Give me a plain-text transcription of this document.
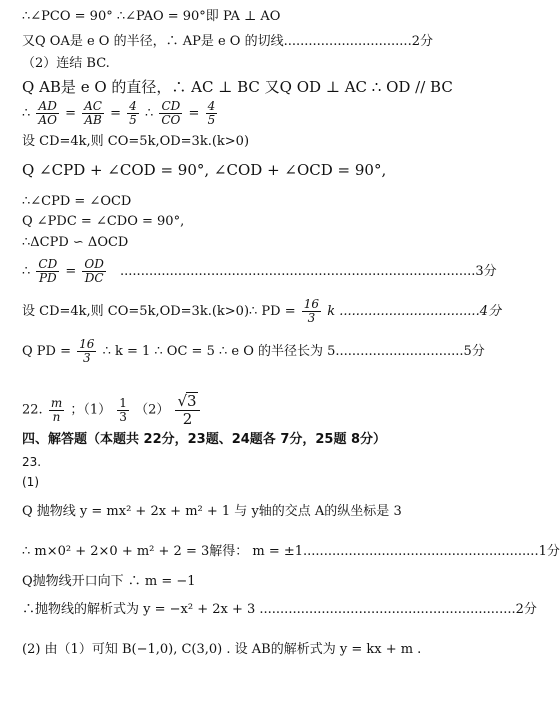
∴∠PCO = 90° ∴∠PAO = 90°即 PA ⊥ AO
又Q OA是 e O 的半径，∴ AP是 e O 的切线...............................2分
（2）连结 BC.
Q AB是 e O 的直径，∴ AC ⊥ BC 又Q OD ⊥ AC ∴ OD // BC
∴ $\frac{AD}{AO} = \frac{AC}{AB} = \frac{4}{5}$ ∴ $\frac{CD}{CO} = \frac{4}{5}$
设 CD=4k,则 CO=5k,OD=3k.(k>0)
Q ∠CPD + ∠COD = 90°, ∠COD + ∠OCD = 90°,
∴∠CPD = ∠OCD
Q ∠PDC = ∠CDO = 90°,
∴ΔCPD ∽ ΔOCD
∴ $\frac{CD}{PD} = \frac{OD}{DC} ......................................................................................3$分
设 CD=4k,则 CO=5k,OD=3k.(k>0)∴ PD = $\frac{16}{3}$ k ..................................4分
Q PD = $\frac{16}{3}$ ∴ k = 1 ∴ OC = 5 ∴ e O 的半径长为 5...............................5分
22. $\frac{m}{n}$ ；$(1) \frac{1}{3} (2) \frac{√3}{2}$
四、解答题（本题共 22分，23题、24题各 7分，25题 8分）
23.
(1)
Q 抛物线 y = mx² + 2x + m² + 1 与 y轴的交点 A的纵坐标是 3
∴ m×0² + 2×0 + m² + 2 = 3解得： m = ±1.........................................................1分
Q抛物线开口向下 ∴ m = −1
∴抛物线的解析式为 y = −x² + 2x + 3 ..............................................................2分
(2) 由（1）可知 B(−1,0), C(3,0) . 设 AB的解析式为 y = kx + m .
